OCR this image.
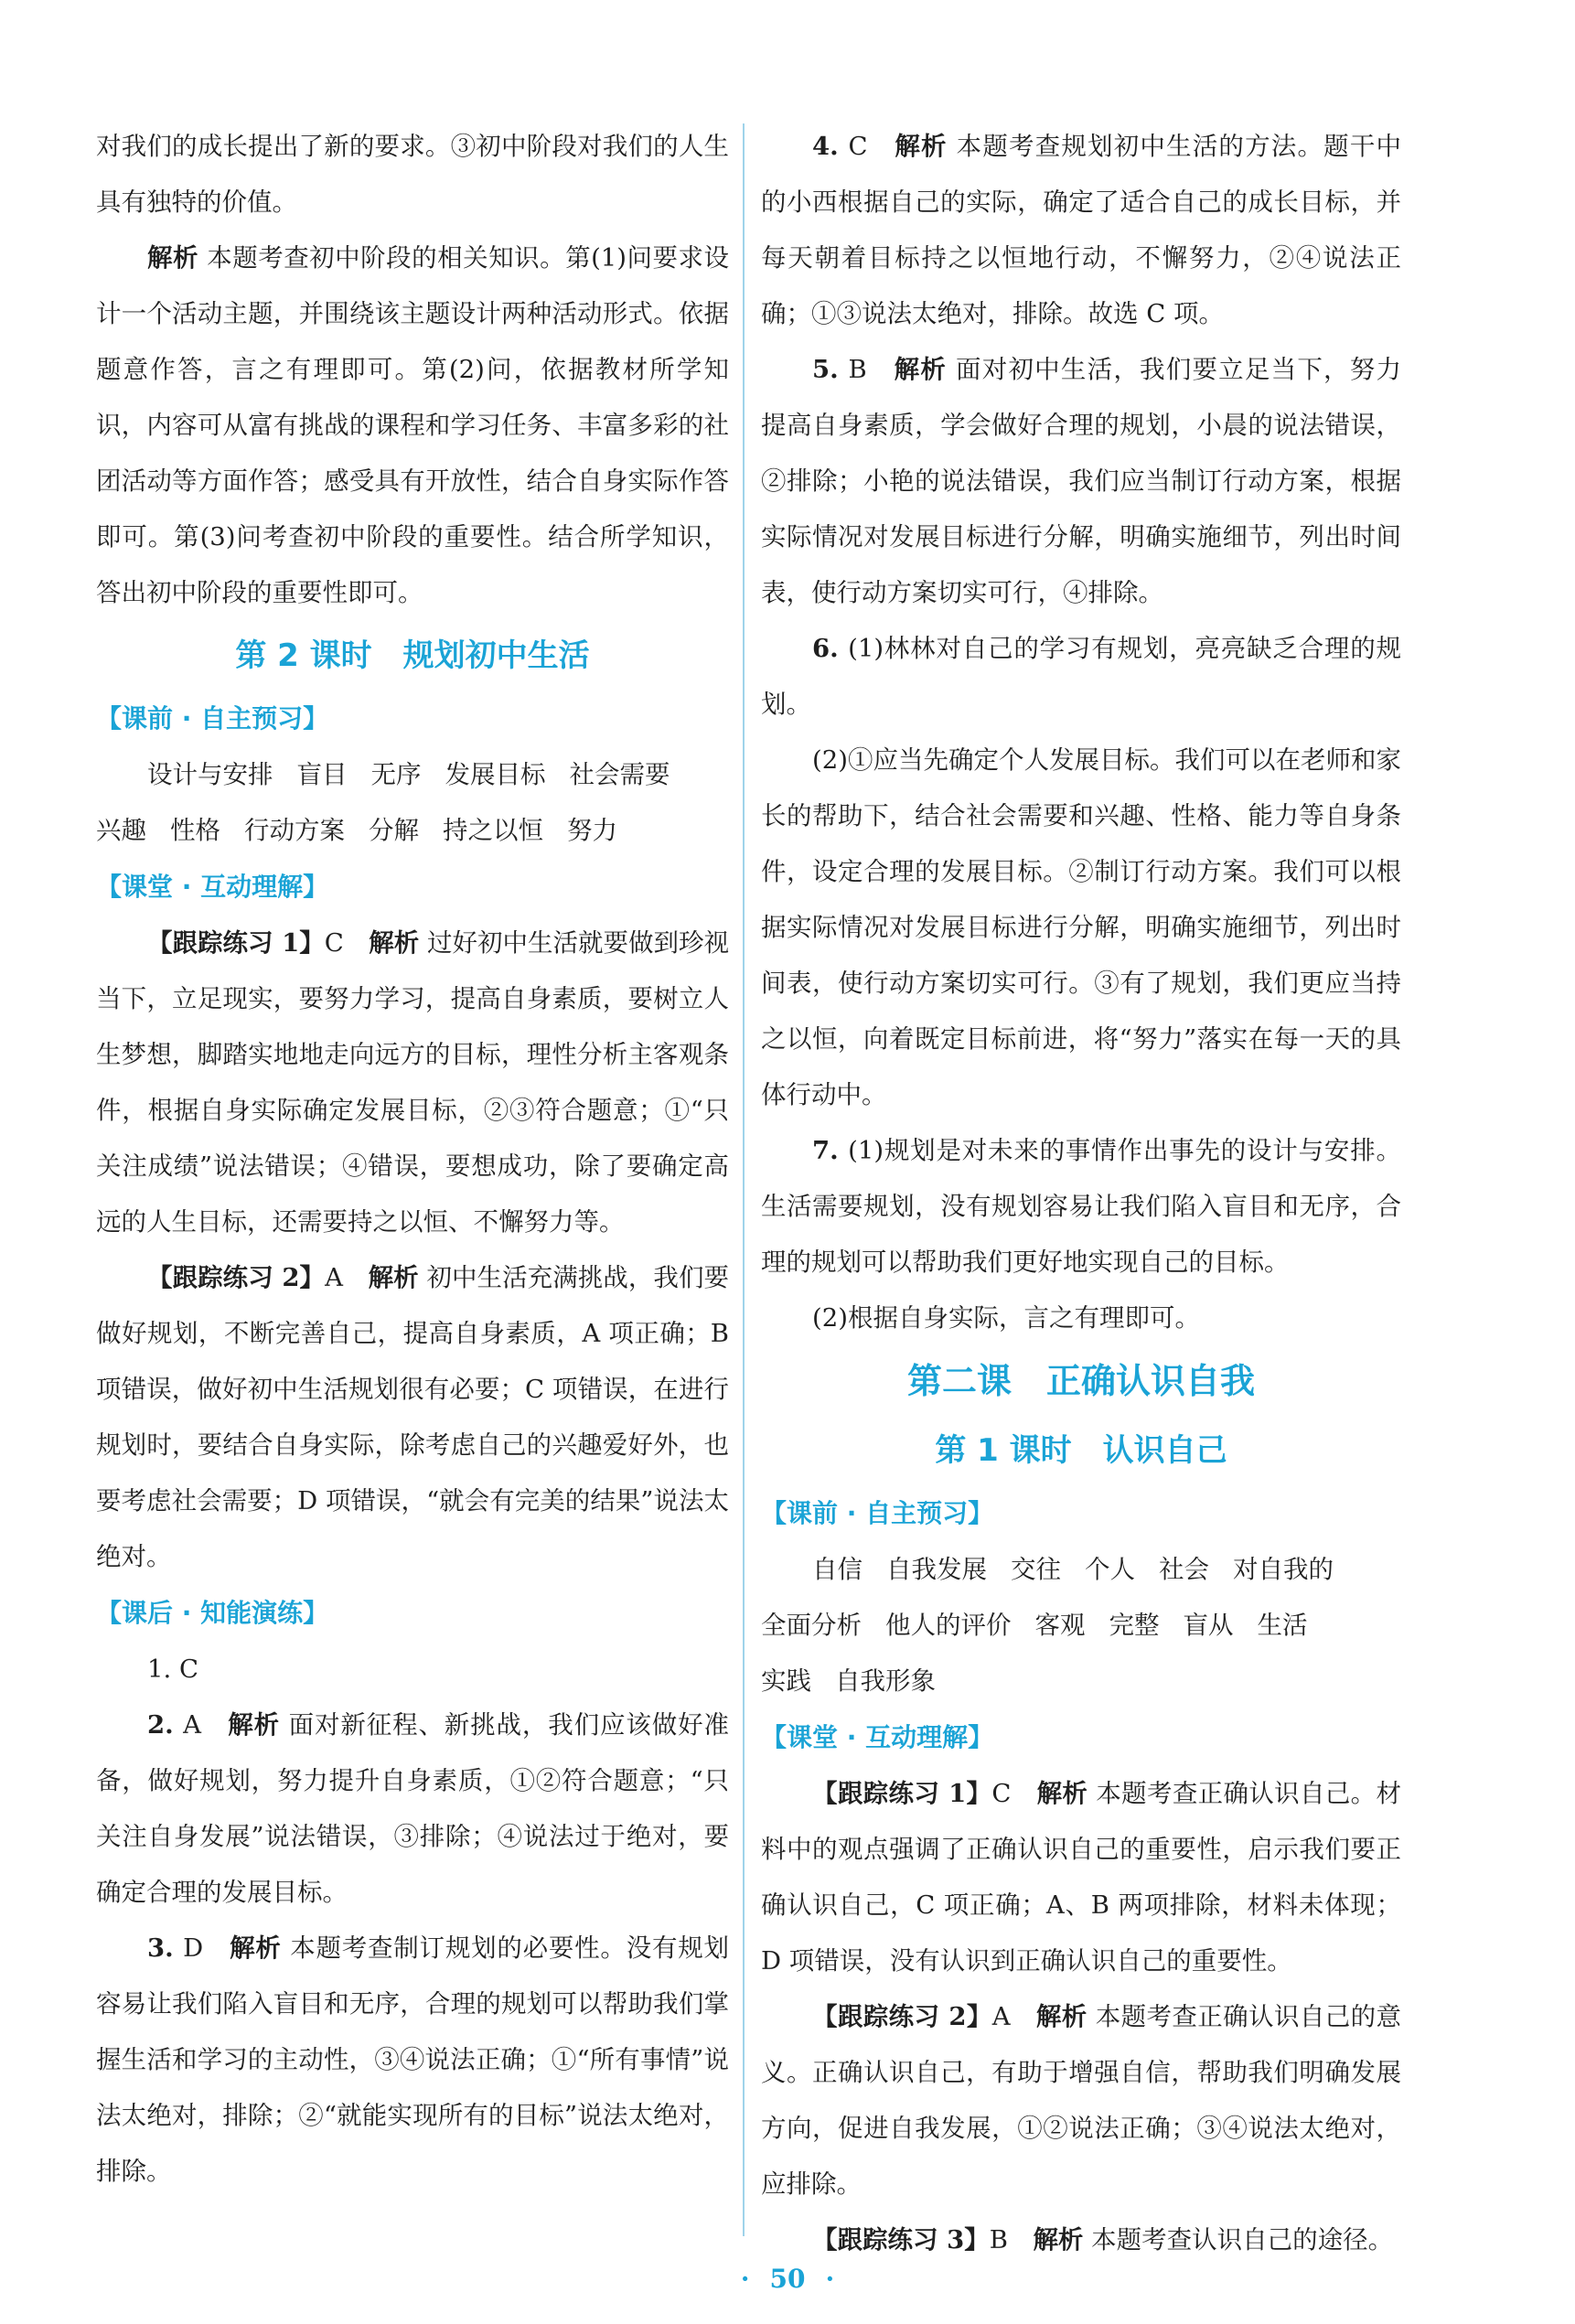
对我们的成长提出了新的要求。③初中阶段对我们的人生具有独特的价值。

解析 本题考查初中阶段的相关知识。第(1)问要求设计一个活动主题，并围绕该主题设计两种活动形式。依据题意作答，言之有理即可。第(2)问，依据教材所学知识，内容可从富有挑战的课程和学习任务、丰富多彩的社团活动等方面作答；感受具有开放性，结合自身实际作答即可。第(3)问考查初中阶段的重要性。结合所学知识，答出初中阶段的重要性即可。

第 2 课时　规划初中生活
【课前 · 自主预习】
设计与安排 盲目 无序 发展目标 社会需要
兴趣 性格 行动方案 分解 持之以恒 努力
【课堂 · 互动理解】

【跟踪练习 1】C　解析 过好初中生活就要做到珍视当下，立足现实，要努力学习，提高自身素质，要树立人生梦想，脚踏实地地走向远方的目标，理性分析主客观条件，根据自身实际确定发展目标，②③符合题意；①“只关注成绩”说法错误；④错误，要想成功，除了要确定高远的人生目标，还需要持之以恒、不懈努力等。

【跟踪练习 2】A　解析 初中生活充满挑战，我们要做好规划，不断完善自己，提高自身素质，A 项正确；B 项错误，做好初中生活规划很有必要；C 项错误，在进行规划时，要结合自身实际，除考虑自己的兴趣爱好外，也要考虑社会需要；D 项错误，“就会有完美的结果”说法太绝对。

【课后 · 知能演练】

1. C

2. A　解析 面对新征程、新挑战，我们应该做好准备，做好规划，努力提升自身素质，①②符合题意；“只关注自身发展”说法错误，③排除；④说法过于绝对，要确定合理的发展目标。

3. D　解析 本题考查制订规划的必要性。没有规划容易让我们陷入盲目和无序，合理的规划可以帮助我们掌握生活和学习的主动性，③④说法正确；①“所有事情”说法太绝对，排除；②“就能实现所有的目标”说法太绝对，排除。

4. C　解析 本题考查规划初中生活的方法。题干中的小西根据自己的实际，确定了适合自己的成长目标，并每天朝着目标持之以恒地行动，不懈努力，②④说法正确；①③说法太绝对，排除。故选 C 项。

5. B　解析 面对初中生活，我们要立足当下，努力提高自身素质，学会做好合理的规划，小晨的说法错误，②排除；小艳的说法错误，我们应当制订行动方案，根据实际情况对发展目标进行分解，明确实施细节，列出时间表，使行动方案切实可行，④排除。

6. (1)林林对自己的学习有规划，亮亮缺乏合理的规划。

(2)①应当先确定个人发展目标。我们可以在老师和家长的帮助下，结合社会需要和兴趣、性格、能力等自身条件，设定合理的发展目标。②制订行动方案。我们可以根据实际情况对发展目标进行分解，明确实施细节，列出时间表，使行动方案切实可行。③有了规划，我们更应当持之以恒，向着既定目标前进，将“努力”落实在每一天的具体行动中。

7. (1)规划是对未来的事情作出事先的设计与安排。生活需要规划，没有规划容易让我们陷入盲目和无序，合理的规划可以帮助我们更好地实现自己的目标。

(2)根据自身实际，言之有理即可。

第二课　正确认识自我
第 1 课时　认识自己
【课前 · 自主预习】
自信 自我发展 交往 个人 社会 对自我的
全面分析 他人的评价 客观 完整 盲从 生活
实践 自我形象
【课堂 · 互动理解】

【跟踪练习 1】C　解析 本题考查正确认识自己。材料中的观点强调了正确认识自己的重要性，启示我们要正确认识自己，C 项正确；A、B 两项排除，材料未体现；D 项错误，没有认识到正确认识自己的重要性。

【跟踪练习 2】A　解析 本题考查正确认识自己的意义。正确认识自己，有助于增强自信，帮助我们明确发展方向，促进自我发展，①②说法正确；③④说法太绝对，应排除。

【跟踪练习 3】B　解析 本题考查认识自己的途径。

· 50 ·
